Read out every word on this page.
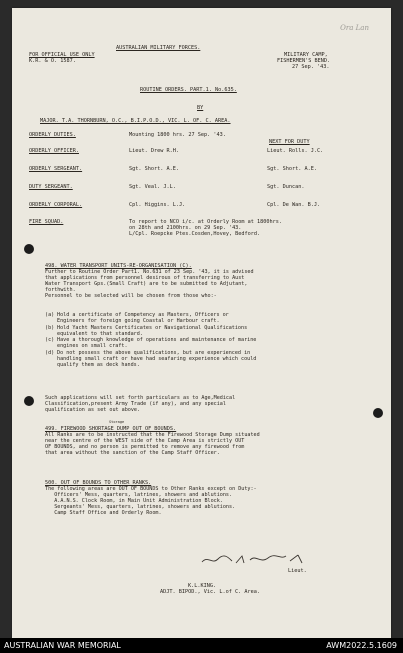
Ora Lan
AUSTRALIAN MILITARY FORCES.
FOR OFFICIAL USE ONLY
K.R. & O. 1587.
MILITARY CAMP,
FISHERMEN'S BEND.
27 Sep. '43.
ROUTINE ORDERS. PART.1. No.635.
BY
MAJOR. T.A. THORNBURN, O.C., B.I.P.O.D., VIC. L. OF. C. AREA.
NEXT FOR DUTY
ORDERLY DUTIES.	Mounting 1800 hrs. 27 Sep. '43.
ORDERLY OFFICER.	Lieut. Drew R.H.	Lieut. Rolls. J.C.
ORDERLY SERGEANT.	Sgt. Short. A.E.	Sgt. Short. A.E.
DUTY SERGEANT.	Sgt. Veal. J.L.	Sgt. Duncan.
ORDERLY CORPORAL.	Cpl. Higgins. L.J.	Cpl. De Wan. B.J.
FIRE SQUAD.	To report to NCO i/c. at Orderly Room at 1800hrs.
on 28th and 2100hrs. on 29 Sep. '43.
L/Cpl. Roepcke Ptes.Cosden,Hovey, Bedford.
498. WATER TRANSPORT UNITS-RE-ORGANISATION (C).

Further to Routine Order Part1. No.631 of 23 Sep. '43, it is advised

that applications from personnel desirous of transferring to Aust

Water Transport Gps.(Small Craft) are to be submitted to Adjutant,

forthwith.

Personnel to be selected will be chosen from those who:-

(a) Hold a certificate of Competency as Masters, Officers or
Engineers for foreign going Coastal or Harbour craft.
(b) Hold Yacht Masters Certificates or Navigational Qualifications
equivalent to that standard.
(c) Have a thorough knowledge of operations and maintenance of marine
engines on small craft.
(d) Do not possess the above qualifications, but are experienced in
handling small craft or have had seafaring experience which could
qualify them as deck hands.

Such applications will set forth particulars as to Age,Medical

Classification,present Army Trade (if any), and any special

qualification as set out above.

Storage
499. FIREWOOD SHORTAGE DUMP OUT OF BOUNDS.

All Ranks are to be instructed that the Firewood Storage Dump situated

near the centre of the WEST side of the Camp Area is strictly OUT

OF BOUNDS, and no person is permitted to remove any firewood from

that area without the sanction of the Camp Staff Officer.

500. OUT OF BOUNDS TO OTHER RANKS.

The following areas are OUT OF BOUNDS to Other Ranks except on Duty:-

Officers' Mess, quarters, latrines, showers and ablutions.

A.A.N.S. Clock Room, in Main Unit Administration Block.

Sergeants' Mess, quarters, latrines, showers and ablutions.

Camp Staff Office and Orderly Room.

Lieut.
K.L.KING.
ADJT. BIPOD., Vic. L.of C. Area.
AUSTRALIAN WAR MEMORIAL	AWM2022.5.1609
